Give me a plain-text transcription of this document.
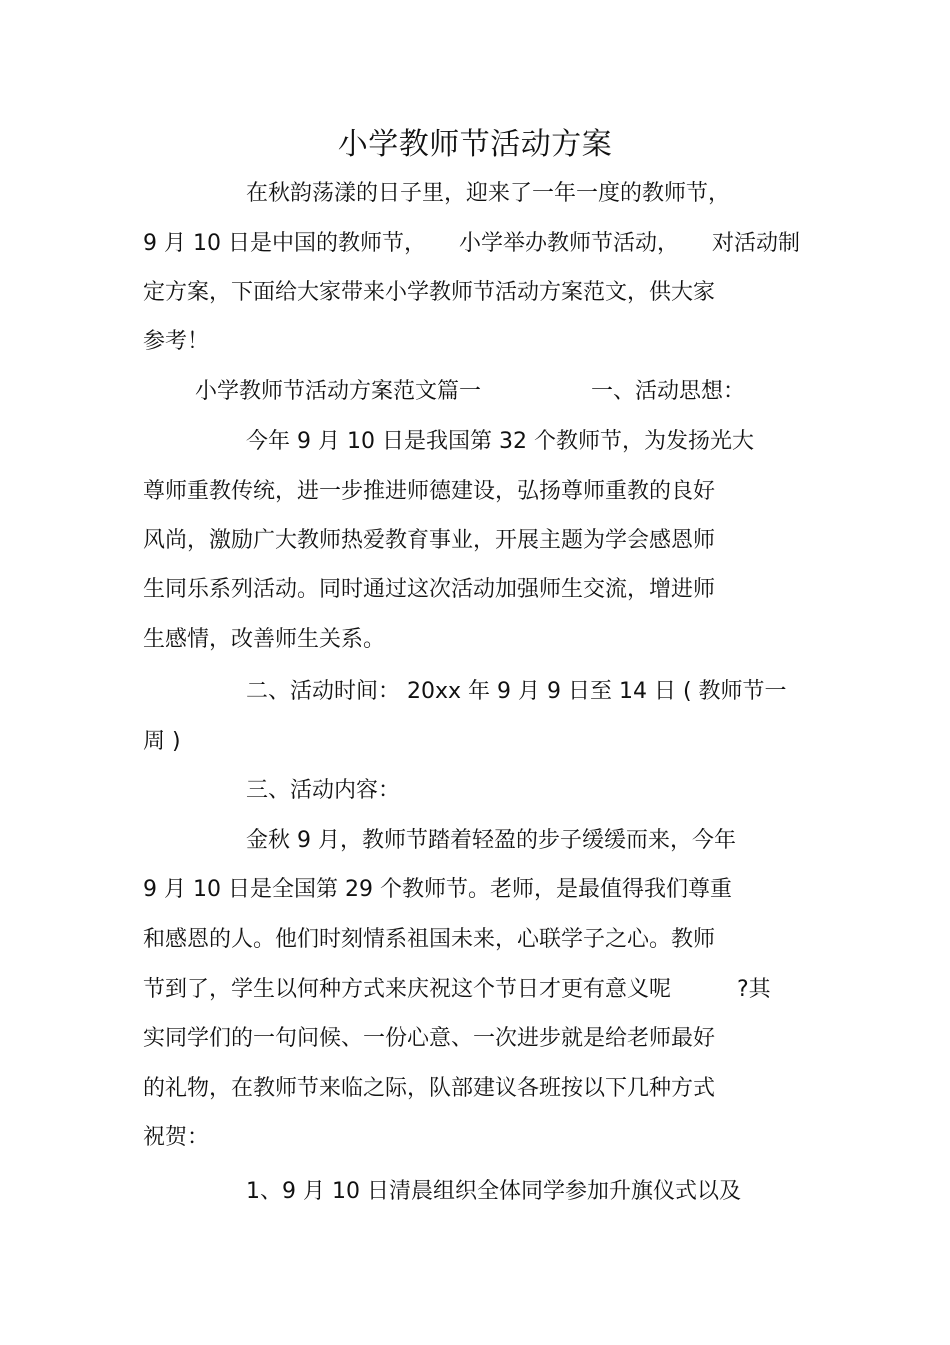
小学教师节活动方案
在秋韵荡漾的日子里，迎来了一年一度的教师节，
9 月 10 日是中国的教师节，　　小学举办教师节活动，　　对活动制
定方案，下面给大家带来小学教师节活动方案范文，供大家
参考！
小学教师节活动方案范文篇一　　　　　一、活动思想：
今年 9 月 10 日是我国第 32 个教师节，为发扬光大
尊师重教传统，进一步推进师德建设，弘扬尊师重教的良好
风尚，激励广大教师热爱教育事业，开展主题为学会感恩师
生同乐系列活动。同时通过这次活动加强师生交流，增进师
生感情，改善师生关系。
二、活动时间： 20xx 年 9 月 9 日至 14 日 ( 教师节一
周 )
三、活动内容：
金秋 9 月，教师节踏着轻盈的步子缓缓而来，今年
9 月 10 日是全国第 29 个教师节。老师，是最值得我们尊重
和感恩的人。他们时刻情系祖国未来，心联学子之心。教师
节到了，学生以何种方式来庆祝这个节日才更有意义呢　　　?其
实同学们的一句问候、一份心意、一次进步就是给老师最好
的礼物，在教师节来临之际，队部建议各班按以下几种方式
祝贺：
1、9 月 10 日清晨组织全体同学参加升旗仪式以及
